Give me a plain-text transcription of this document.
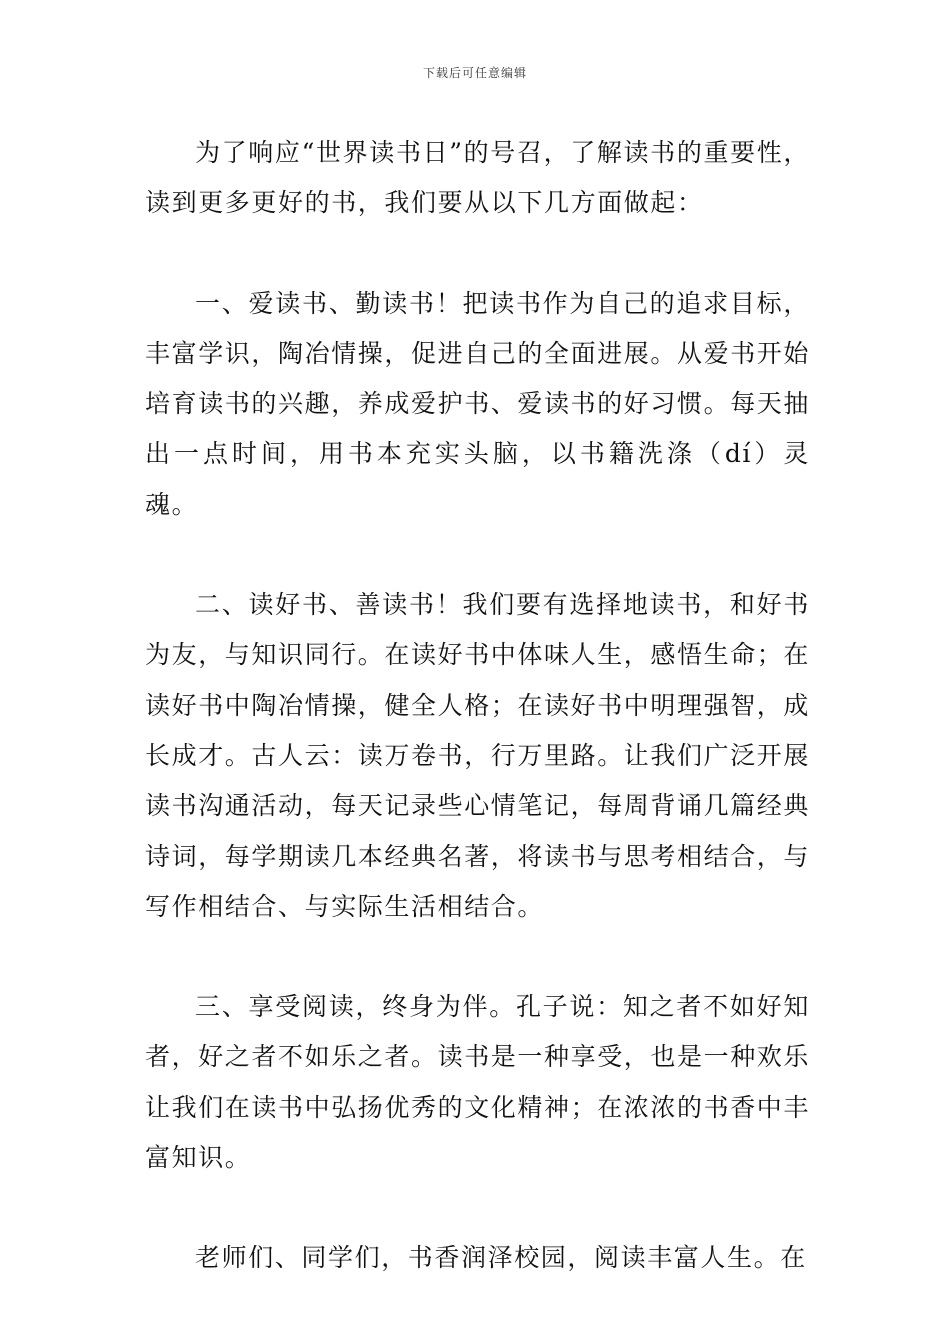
下载后可任意编辑

为了响应“世界读书日”的号召，了解读书的重要性，读到更多更好的书，我们要从以下几方面做起：

一、爱读书、勤读书！把读书作为自己的追求目标，丰富学识，陶冶情操，促进自己的全面进展。从爱书开始培育读书的兴趣，养成爱护书、爱读书的好习惯。每天抽出一点时间，用书本充实头脑，以书籍洗涤（dí）灵魂。

二、读好书、善读书！我们要有选择地读书，和好书为友，与知识同行。在读好书中体味人生，感悟生命；在读好书中陶冶情操，健全人格；在读好书中明理强智，成长成才。古人云：读万卷书，行万里路。让我们广泛开展读书沟通活动，每天记录些心情笔记，每周背诵几篇经典诗词，每学期读几本经典名著，将读书与思考相结合，与写作相结合、与实际生活相结合。

三、享受阅读，终身为伴。孔子说：知之者不如好知者，好之者不如乐之者。读书是一种享受，也是一种欢乐让我们在读书中弘扬优秀的文化精神；在浓浓的书香中丰富知识。

老师们、同学们，书香润泽校园，阅读丰富人生。在
